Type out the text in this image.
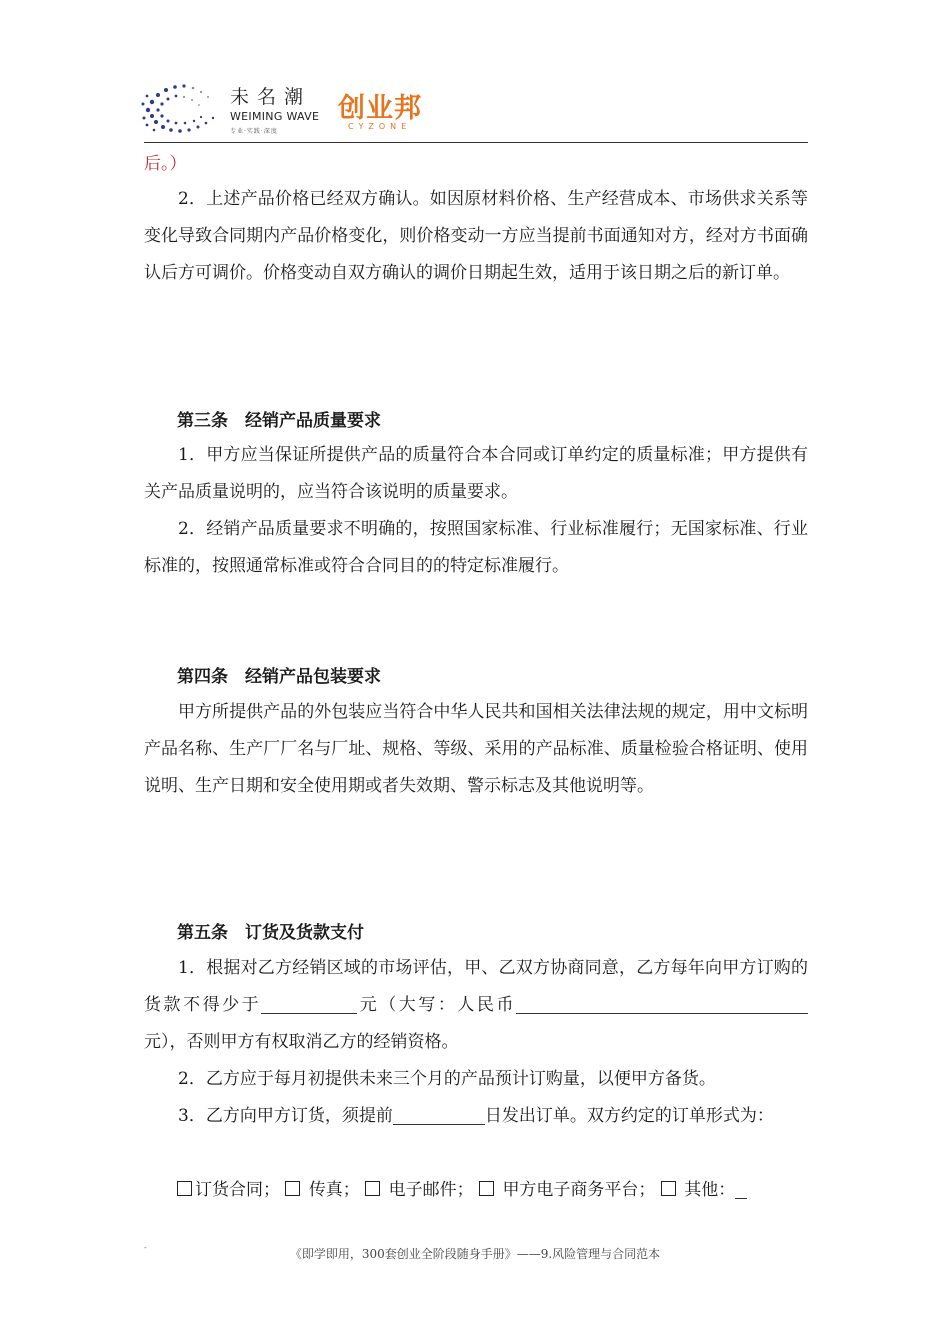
未名潮
WEIMING WAVE
专业·实践·深度
创业邦
CYZONE

后。）

2．上述产品价格已经双方确认。如因原材料价格、生产经营成本、市场供求关系等变化导致合同期内产品价格变化，则价格变动一方应当提前书面通知对方，经对方书面确认后方可调价。价格变动自双方确认的调价日期起生效，适用于该日期之后的新订单。

第三条　经销产品质量要求

1．甲方应当保证所提供产品的质量符合本合同或订单约定的质量标准；甲方提供有关产品质量说明的，应当符合该说明的质量要求。

2．经销产品质量要求不明确的，按照国家标准、行业标准履行；无国家标准、行业标准的，按照通常标准或符合合同目的的特定标准履行。

第四条　经销产品包装要求

甲方所提供产品的外包装应当符合中华人民共和国相关法律法规的规定，用中文标明产品名称、生产厂厂名与厂址、规格、等级、采用的产品标准、质量检验合格证明、使用说明、生产日期和安全使用期或者失效期、警示标志及其他说明等。

第五条　订货及货款支付

1．根据对乙方经销区域的市场评估，甲、乙双方协商同意，乙方每年向甲方订购的货款不得少于	元（大写：人民币元），否则甲方有权取消乙方的经销资格。

2．乙方应于每月初提供未来三个月的产品预计订购量，以便甲方备货。

3．乙方向甲方订货，须提前	日发出订单。双方约定的订单形式为：

订货合同； 传真； 电子邮件； 甲方电子商务平台； 其他：
-	《即学即用，300套创业全阶段随身手册》——9.风险管理与合同范本
